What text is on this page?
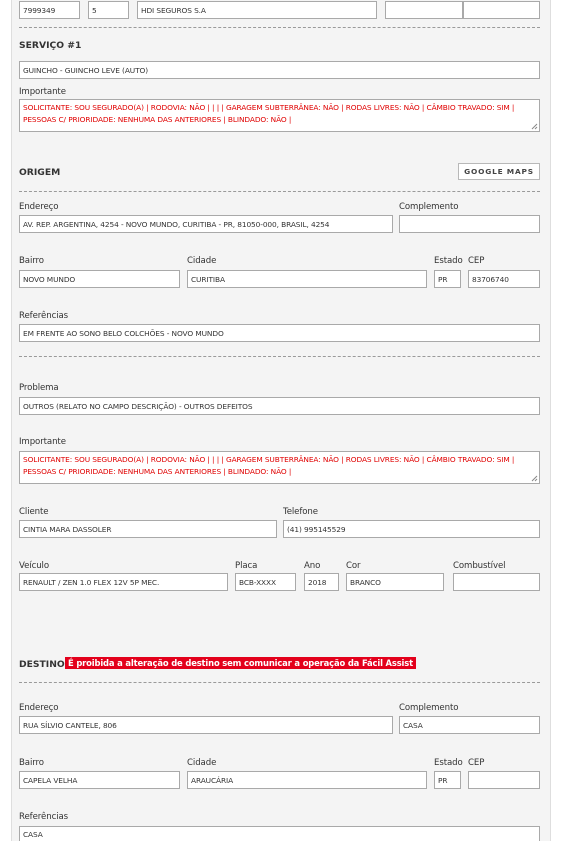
7999349	5	HDI SEGUROS S.A
SERVIÇO #1
GUINCHO - GUINCHO LEVE (AUTO)
Importante
SOLICITANTE: SOU SEGURADO(A) | RODOVIA: NÃO | | | | GARAGEM SUBTERRÂNEA: NÃO | RODAS LIVRES: NÃO | CÂMBIO TRAVADO: SIM | PESSOAS C/ PRIORIDADE: NENHUMA DAS ANTERIORES | BLINDADO: NÃO |
ORIGEM	GOOGLE MAPS
Endereço	Complemento
AV. REP. ARGENTINA, 4254 - NOVO MUNDO, CURITIBA - PR, 81050-000, BRASIL, 4254
Bairro	Cidade	Estado CEP
NOVO MUNDO	CURITIBA	PR	83706740
Referências
EM FRENTE AO SONO BELO COLCHÕES - NOVO MUNDO
Problema
OUTROS (RELATO NO CAMPO DESCRIÇÃO) - OUTROS DEFEITOS
Importante
SOLICITANTE: SOU SEGURADO(A) | RODOVIA: NÃO | | | | GARAGEM SUBTERRÂNEA: NÃO | RODAS LIVRES: NÃO | CÂMBIO TRAVADO: SIM | PESSOAS C/ PRIORIDADE: NENHUMA DAS ANTERIORES | BLINDADO: NÃO |
Cliente	Telefone
CINTIA MARA DASSOLER	(41) 995145529
Veículo	Placa	Ano	Cor	Combustível
RENAULT / ZEN 1.0 FLEX 12V 5P MEC.	BCB-XXXX	2018	BRANCO
DESTINO É proibida a alteração de destino sem comunicar a operação da Fácil Assist
Endereço	Complemento
RUA SÍLVIO CANTELE, 806	CASA
Bairro	Cidade	Estado CEP
CAPELA VELHA	ARAUCÁRIA	PR
Referências
CASA
